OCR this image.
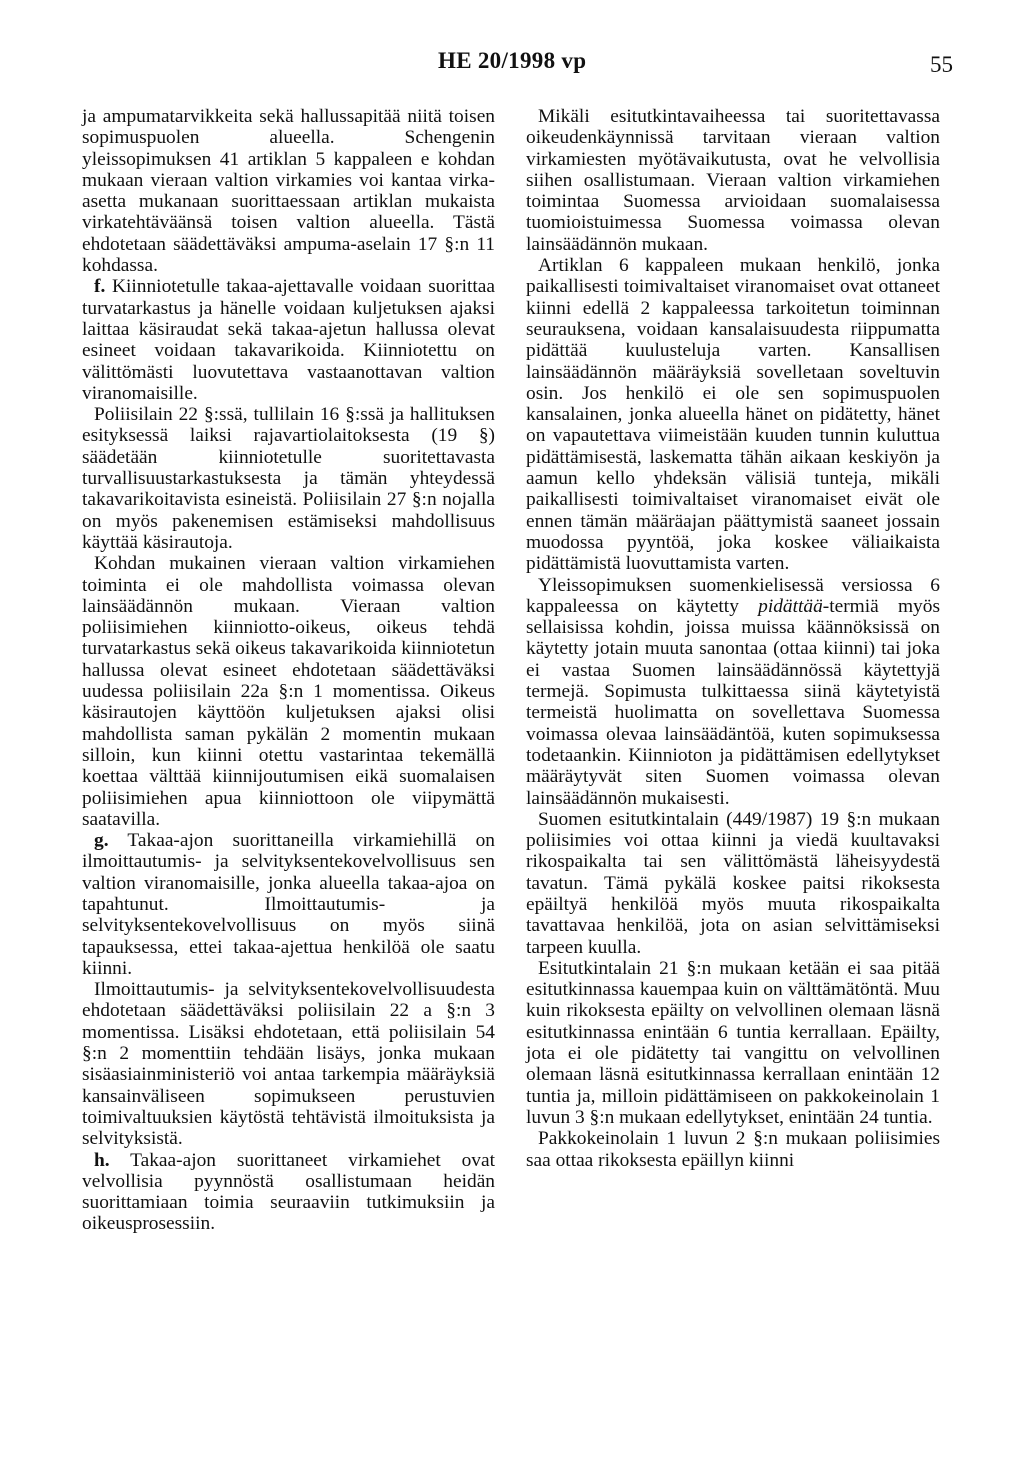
HE 20/1998 vp	55

ja ampumatarvikkeita sekä hallussapitää niitä toisen sopimuspuolen alueella. Schengenin yleissopimuksen 41 artiklan 5 kappaleen e kohdan mukaan vieraan valtion virkamies voi kantaa virka-asetta mukanaan suorittaessaan artiklan mukaista virkatehtäväänsä toisen valtion alueella. Tästä ehdotetaan säädettäväksi ampuma-aselain 17 §:n 11 kohdassa.

f. Kiinniotetulle takaa-ajettavalle voidaan suorittaa turvatarkastus ja hänelle voidaan kuljetuksen ajaksi laittaa käsiraudat sekä takaa-ajetun hallussa olevat esineet voidaan takavarikoida. Kiinniotettu on välittömästi luovutettava vastaanottavan valtion viranomaisille.

Poliisilain 22 §:ssä, tullilain 16 §:ssä ja hallituksen esityksessä laiksi rajavartiolaitoksesta (19 §) säädetään kiinniotetulle suoritettavasta turvallisuustarkastuksesta ja tämän yhteydessä takavarikoitavista esineistä. Poliisilain 27 §:n nojalla on myös pakenemisen estämiseksi mahdollisuus käyttää käsirautoja.

Kohdan mukainen vieraan valtion virkamiehen toiminta ei ole mahdollista voimassa olevan lainsäädännön mukaan. Vieraan valtion poliisimiehen kiinniotto-oikeus, oikeus tehdä turvatarkastus sekä oikeus takavarikoida kiinniotetun hallussa olevat esineet ehdotetaan säädettäväksi uudessa poliisilain 22a §:n 1 momentissa. Oikeus käsirautojen käyttöön kuljetuksen ajaksi olisi mahdollista saman pykälän 2 momentin mukaan silloin, kun kiinni otettu vastarintaa tekemällä koettaa välttää kiinnijoutumisen eikä suomalaisen poliisimiehen apua kiinniottoon ole viipymättä saatavilla.

g. Takaa-ajon suorittaneilla virkamiehillä on ilmoittautumis- ja selvityksentekovelvollisuus sen valtion viranomaisille, jonka alueella takaa-ajoa on tapahtunut. Ilmoittautumis- ja selvityksentekovelvollisuus on myös siinä tapauksessa, ettei takaa-ajettua henkilöä ole saatu kiinni.

Ilmoittautumis- ja selvityksentekovelvollisuudesta ehdotetaan säädettäväksi poliisilain 22 a §:n 3 momentissa. Lisäksi ehdotetaan, että poliisilain 54 §:n 2 momenttiin tehdään lisäys, jonka mukaan sisäasiainministeriö voi antaa tarkempia määräyksiä kansainväliseen sopimukseen perustuvien toimivaltuuksien käytöstä tehtävistä ilmoituksista ja selvityksistä.

h. Takaa-ajon suorittaneet virkamiehet ovat velvollisia pyynnöstä osallistumaan heidän suorittamiaan toimia seuraaviin tutkimuksiin ja oikeusprosessiin.

Mikäli esitutkintavaiheessa tai suoritettavassa oikeudenkäynnissä tarvitaan vieraan valtion virkamiesten myötävaikutusta, ovat he velvollisia siihen osallistumaan. Vieraan valtion virkamiehen toimintaa Suomessa arvioidaan suomalaisessa tuomioistuimessa Suomessa voimassa olevan lainsäädännön mukaan.

Artiklan 6 kappaleen mukaan henkilö, jonka paikallisesti toimivaltaiset viranomaiset ovat ottaneet kiinni edellä 2 kappaleessa tarkoitetun toiminnan seurauksena, voidaan kansalaisuudesta riippumatta pidättää kuulusteluja varten. Kansallisen lainsäädännön määräyksiä sovelletaan soveltuvin osin. Jos henkilö ei ole sen sopimuspuolen kansalainen, jonka alueella hänet on pidätetty, hänet on vapautettava viimeistään kuuden tunnin kuluttua pidättämisestä, laskematta tähän aikaan keskiyön ja aamun kello yhdeksän välisiä tunteja, mikäli paikallisesti toimivaltaiset viranomaiset eivät ole ennen tämän määräajan päättymistä saaneet jossain muodossa pyyntöä, joka koskee väliaikaista pidättämistä luovuttamista varten.

Yleissopimuksen suomenkielisessä versiossa 6 kappaleessa on käytetty pidättää-termiä myös sellaisissa kohdin, joissa muissa käännöksissä on käytetty jotain muuta sanontaa (ottaa kiinni) tai joka ei vastaa Suomen lainsäädännössä käytettyjä termejä. Sopimusta tulkittaessa siinä käytetyistä termeistä huolimatta on sovellettava Suomessa voimassa olevaa lainsäädäntöä, kuten sopimuksessa todetaankin. Kiinnioton ja pidättämisen edellytykset määräytyvät siten Suomen voimassa olevan lainsäädännön mukaisesti.

Suomen esitutkintalain (449/1987) 19 §:n mukaan poliisimies voi ottaa kiinni ja viedä kuultavaksi rikospaikalta tai sen välittömästä läheisyydestä tavatun. Tämä pykälä koskee paitsi rikoksesta epäiltyä henkilöä myös muuta rikospaikalta tavattavaa henkilöä, jota on asian selvittämiseksi tarpeen kuulla.

Esitutkintalain 21 §:n mukaan ketään ei saa pitää esitutkinnassa kauempaa kuin on välttämätöntä. Muu kuin rikoksesta epäilty on velvollinen olemaan läsnä esitutkinnassa enintään 6 tuntia kerrallaan. Epäilty, jota ei ole pidätetty tai vangittu on velvollinen olemaan läsnä esitutkinnassa kerrallaan enintään 12 tuntia ja, milloin pidättämiseen on pakkokeinolain 1 luvun 3 §:n mukaan edellytykset, enintään 24 tuntia.

Pakkokeinolain 1 luvun 2 §:n mukaan poliisimies saa ottaa rikoksesta epäillyn kiinni
